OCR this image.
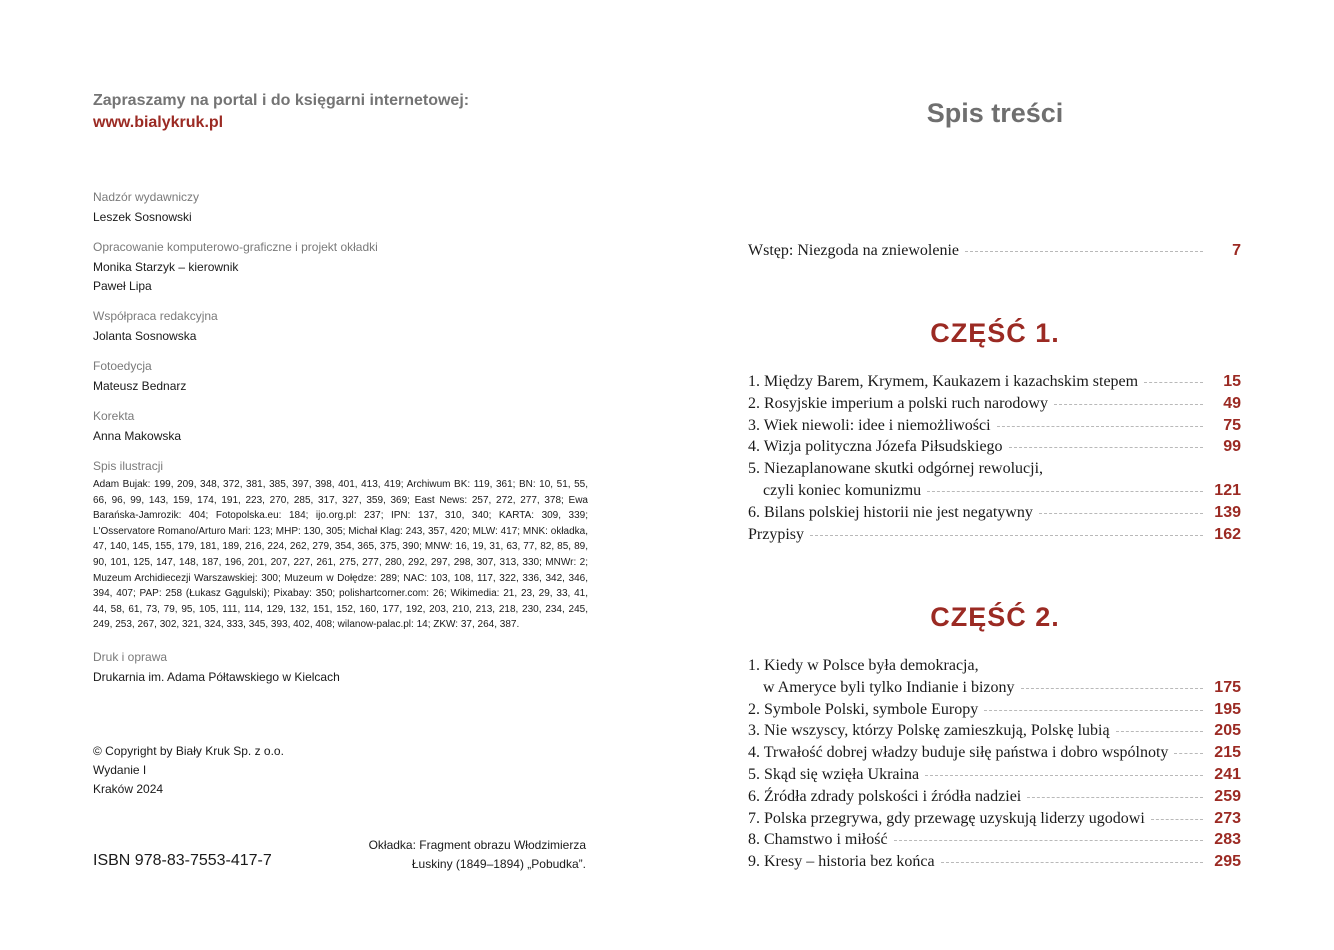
Zapraszamy na portal i do księgarni internetowej:
www.bialykruk.pl
Nadzór wydawniczy
Leszek Sosnowski
Opracowanie komputerowo-graficzne i projekt okładki
Monika Starzyk – kierownik
Paweł Lipa
Współpraca redakcyjna
Jolanta Sosnowska
Fotoedycja
Mateusz Bednarz
Korekta
Anna Makowska
Spis ilustracji
Adam Bujak: 199, 209, 348, 372, 381, 385, 397, 398, 401, 413, 419; Archiwum BK: 119, 361; BN: 10, 51, 55, 66, 96, 99, 143, 159, 174, 191, 223, 270, 285, 317, 327, 359, 369; East News: 257, 272, 277, 378; Ewa Barańska-Jamrozik: 404; Fotopolska.eu: 184; ijo.org.pl: 237; IPN: 137, 310, 340; KARTA: 309, 339; L'Osservatore Romano/Arturo Mari: 123; MHP: 130, 305; Michał Klag: 243, 357, 420; MLW: 417; MNK: okładka, 47, 140, 145, 155, 179, 181, 189, 216, 224, 262, 279, 354, 365, 375, 390; MNW: 16, 19, 31, 63, 77, 82, 85, 89, 90, 101, 125, 147, 148, 187, 196, 201, 207, 227, 261, 275, 277, 280, 292, 297, 298, 307, 313, 330; MNWr: 2; Muzeum Archidiecezji Warszawskiej: 300; Muzeum w Dołędze: 289; NAC: 103, 108, 117, 322, 336, 342, 346, 394, 407; PAP: 258 (Łukasz Gągulski); Pixabay: 350; polishartcorner.com: 26; Wikimedia: 21, 23, 29, 33, 41, 44, 58, 61, 73, 79, 95, 105, 111, 114, 129, 132, 151, 152, 160, 177, 192, 203, 210, 213, 218, 230, 234, 245, 249, 253, 267, 302, 321, 324, 333, 345, 393, 402, 408; wilanow-palac.pl: 14; ZKW: 37, 264, 387.
Druk i oprawa
Drukarnia im. Adama Półtawskiego w Kielcach
© Copyright by Biały Kruk Sp. z o.o.
Wydanie I
Kraków 2024
ISBN 978-83-7553-417-7
Okładka: Fragment obrazu Włodzimierza
Łuskiny (1849–1894) „Pobudka”.
Spis treści
Wstęp: Niezgoda na zniewolenie	7
CZĘŚĆ 1.
1. Między Barem, Krymem, Kaukazem i kazachskim stepem	15
2. Rosyjskie imperium a polski ruch narodowy	49
3. Wiek niewoli: idee i niemożliwości	75
4. Wizja polityczna Józefa Piłsudskiego	99
5. Niezaplanowane skutki odgórnej rewolucji,
czyli koniec komunizmu	121
6. Bilans polskiej historii nie jest negatywny	139
Przypisy	162
CZĘŚĆ 2.
1. Kiedy w Polsce była demokracja,
w Ameryce byli tylko Indianie i bizony	175
2. Symbole Polski, symbole Europy	195
3. Nie wszyscy, którzy Polskę zamieszkują, Polskę lubią	205
4. Trwałość dobrej władzy buduje siłę państwa i dobro wspólnoty	215
5. Skąd się wzięła Ukraina	241
6. Źródła zdrady polskości i źródła nadziei	259
7. Polska przegrywa, gdy przewagę uzyskują liderzy ugodowi	273
8. Chamstwo i miłość	283
9. Kresy – historia bez końca	295
